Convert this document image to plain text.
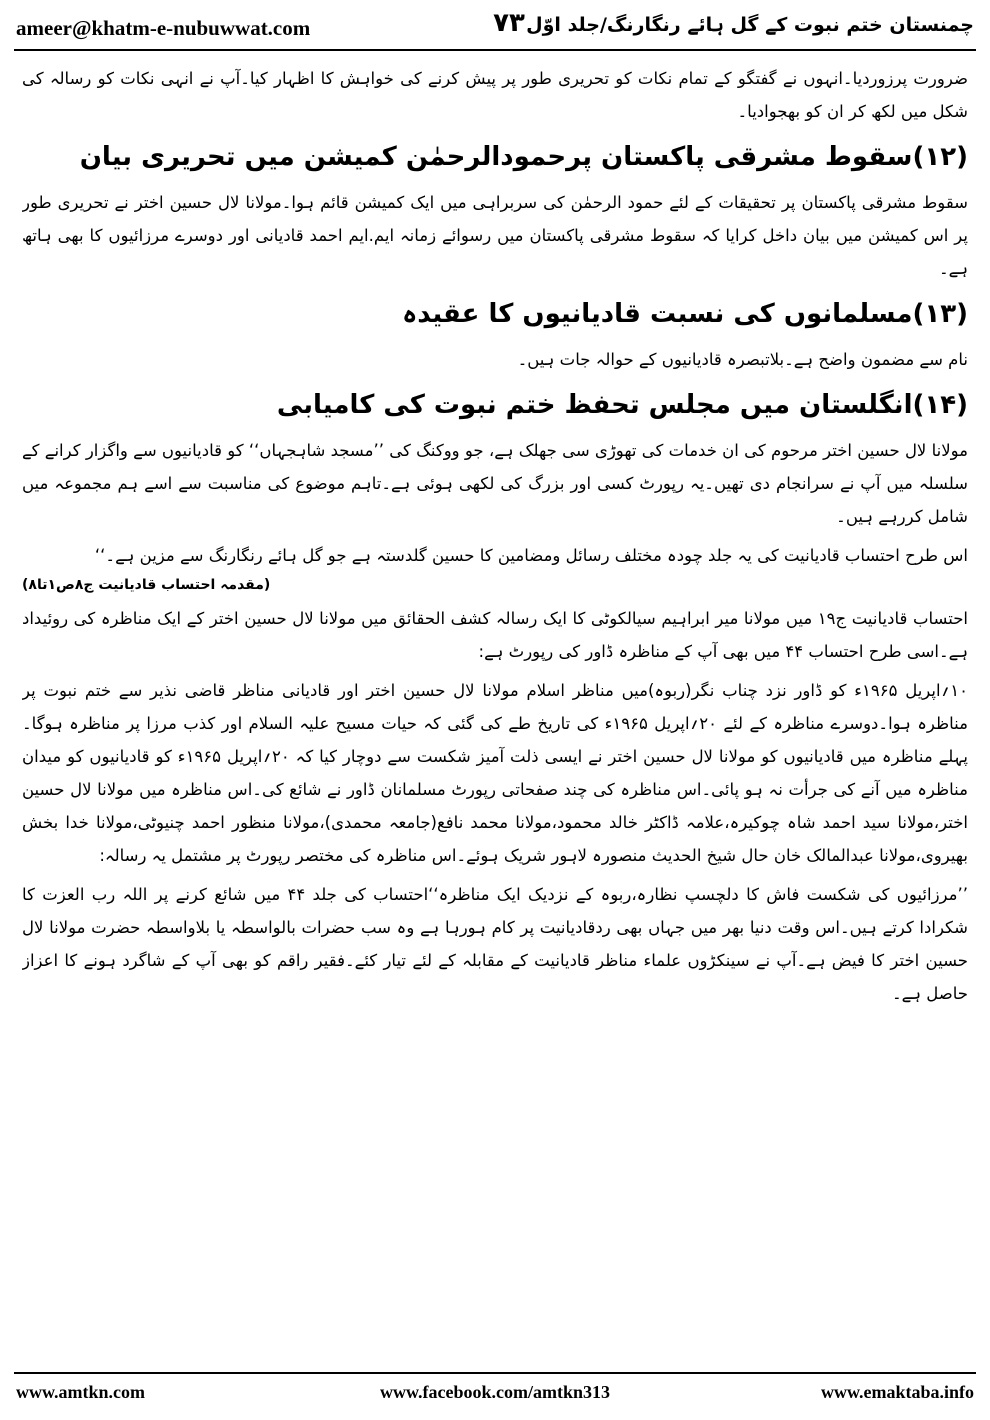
ameer@khatm-e-nubuwwat.com	۷۳ چمنستان ختم نبوت کے گل ہائے رنگارنگ/جلد اوّل

ضرورت پرزوردیا۔انہوں نے گفتگو کے تمام نکات کو تحریری طور پر پیش کرنے کی خواہش کا اظہار کیا۔آپ نے انہی نکات کو رسالہ کی شکل میں لکھ کر ان کو بھجوادیا۔

(۱۲)سقوط مشرقی پاکستان پرحمودالرحمٰن کمیشن میں تحریری بیان

سقوط مشرقی پاکستان پر تحقیقات کے لئے حمود الرحمٰن کی سربراہی میں ایک کمیشن قائم ہوا۔مولانا لال حسین اختر نے تحریری طور پر اس کمیشن میں بیان داخل کرایا کہ سقوط مشرقی پاکستان میں رسوائے زمانہ ایم.ایم احمد قادیانی اور دوسرے مرزائیوں کا بھی ہاتھ ہے۔

(۱۳)مسلمانوں کی نسبت قادیانیوں کا عقیدہ

نام سے مضمون واضح ہے۔بلاتبصرہ قادیانیوں کے حوالہ جات ہیں۔

(۱۴)انگلستان میں مجلس تحفظ ختم نبوت کی کامیابی

مولانا لال حسین اختر مرحوم کی ان خدمات کی تھوڑی سی جھلک ہے، جو ووکنگ کی ’’مسجد شاہجہاں‘‘ کو قادیانیوں سے واگزار کرانے کے سلسلہ میں آپ نے سرانجام دی تھیں۔یہ رپورٹ کسی اور بزرگ کی لکھی ہوئی ہے۔تاہم موضوع کی مناسبت سے اسے ہم مجموعہ میں شامل کررہے ہیں۔

اس طرح احتساب قادیانیت کی یہ جلد چودہ مختلف رسائل ومضامین کا حسین گلدستہ ہے جو گل ہائے رنگارنگ سے مزین ہے۔‘‘

(مقدمہ احتساب قادیانیت ج۸ص۱تا۸)

احتساب قادیانیت ج۱۹ میں مولانا میر ابراہیم سیالکوٹی کا ایک رسالہ کشف الحقائق میں مولانا لال حسین اختر کے ایک مناظرہ کی روئیداد ہے۔اسی طرح احتساب ۴۴ میں بھی آپ کے مناظرہ ڈاور کی رپورٹ ہے:

۱۰؍اپریل ۱۹۶۵ء کو ڈاور نزد چناب نگر(ربوہ)میں مناظر اسلام مولانا لال حسین اختر اور قادیانی مناظر قاضی نذیر سے ختم نبوت پر مناظرہ ہوا۔دوسرے مناظرہ کے لئے ۲۰؍اپریل ۱۹۶۵ء کی تاریخ طے کی گئی کہ حیات مسیح علیہ السلام اور کذب مرزا پر مناظرہ ہوگا۔پہلے مناظرہ میں قادیانیوں کو مولانا لال حسین اختر نے ایسی ذلت آمیز شکست سے دوچار کیا کہ ۲۰؍اپریل ۱۹۶۵ء کو قادیانیوں کو میدان مناظرہ میں آنے کی جرأت نہ ہو پائی۔اس مناظرہ کی چند صفحاتی رپورٹ مسلمانان ڈاور نے شائع کی۔اس مناظرہ میں مولانا لال حسین اختر،مولانا سید احمد شاہ چوکیرہ،علامہ ڈاکٹر خالد محمود،مولانا محمد نافع(جامعہ محمدی)،مولانا منظور احمد چنیوٹی،مولانا خدا بخش بھیروی،مولانا عبدالمالک خان حال شیخ الحدیث منصورہ لاہور شریک ہوئے۔اس مناظرہ کی مختصر رپورٹ پر مشتمل یہ رسالہ:

’’مرزائیوں کی شکست فاش کا دلچسپ نظارہ،ربوہ کے نزدیک ایک مناظرہ‘‘احتساب کی جلد ۴۴ میں شائع کرنے پر اللہ رب العزت کا شکرادا کرتے ہیں۔اس وقت دنیا بھر میں جہاں بھی ردقادیانیت پر کام ہورہا ہے وہ سب حضرات بالواسطہ یا بلاواسطہ حضرت مولانا لال حسین اختر کا فیض ہے۔آپ نے سینکڑوں علماء مناظر قادیانیت کے مقابلہ کے لئے تیار کئے۔فقیر راقم کو بھی آپ کے شاگرد ہونے کا اعزاز حاصل ہے۔

www.amtkn.com	www.facebook.com/amtkn313	www.emaktaba.info
